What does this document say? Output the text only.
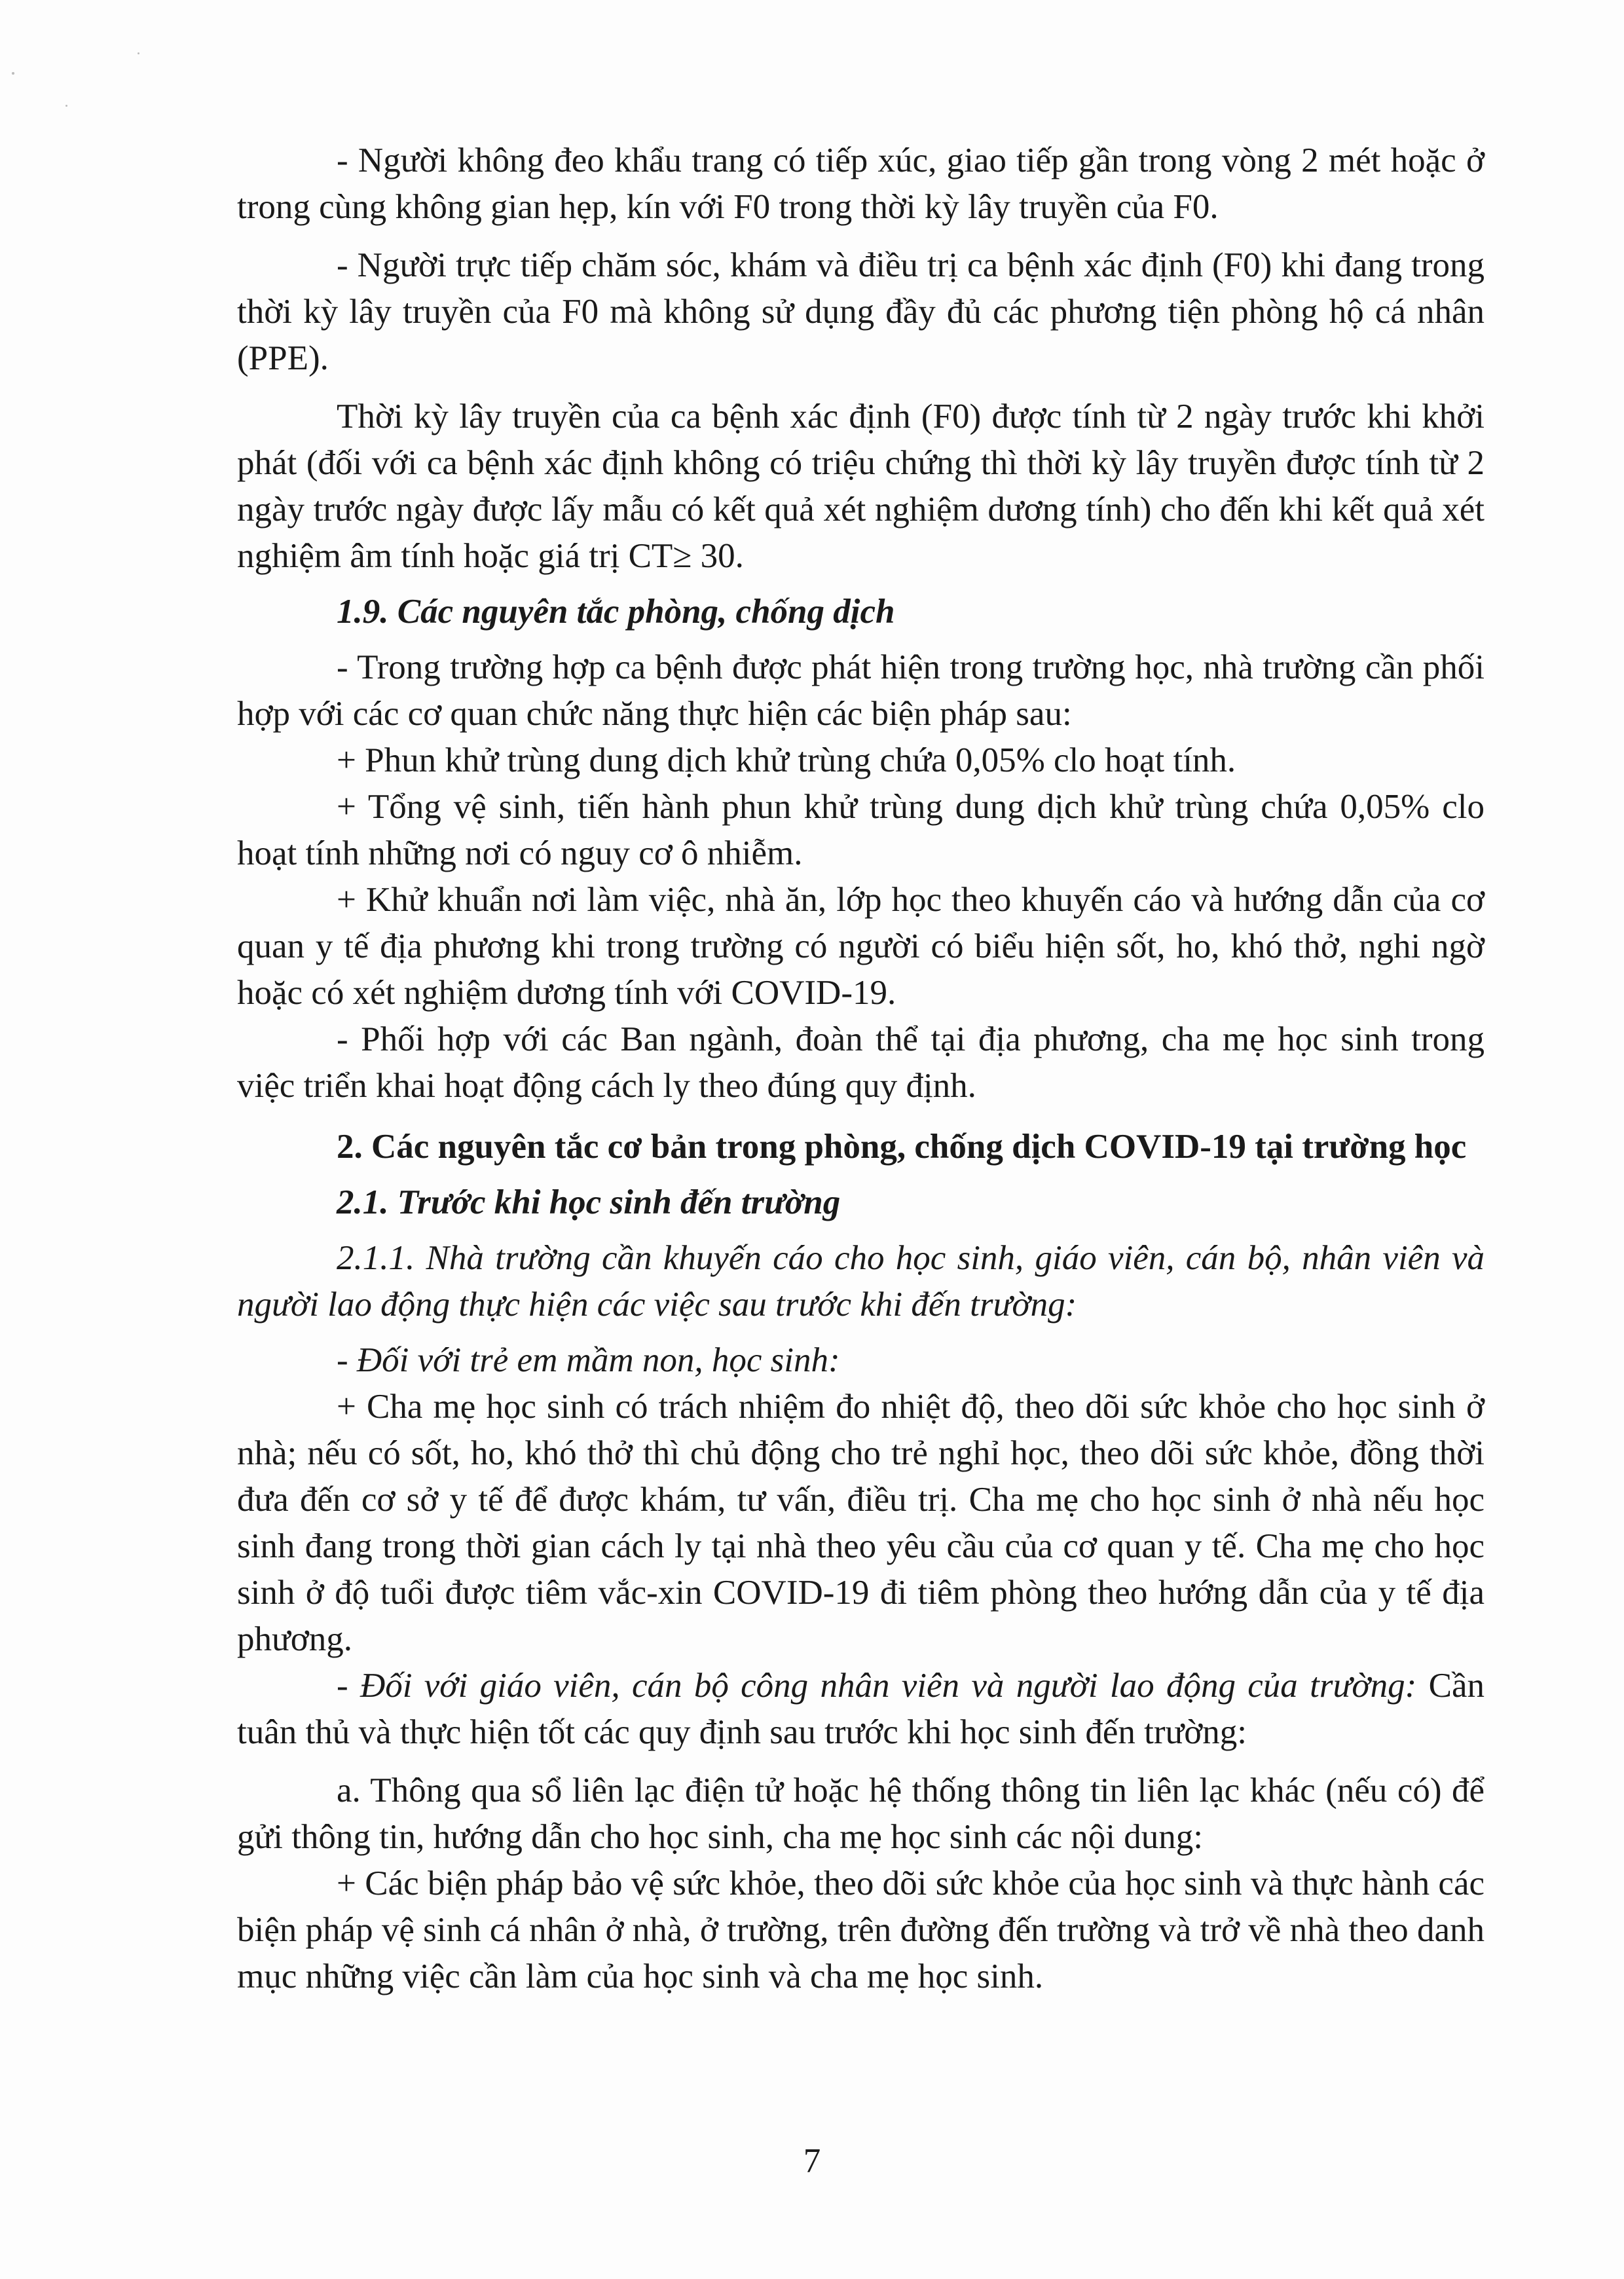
- Người không đeo khẩu trang có tiếp xúc, giao tiếp gần trong vòng 2 mét hoặc ở trong cùng không gian hẹp, kín với F0 trong thời kỳ lây truyền của F0.

- Người trực tiếp chăm sóc, khám và điều trị ca bệnh xác định (F0) khi đang trong thời kỳ lây truyền của F0 mà không sử dụng đầy đủ các phương tiện phòng hộ cá nhân (PPE).

Thời kỳ lây truyền của ca bệnh xác định (F0) được tính từ 2 ngày trước khi khởi phát (đối với ca bệnh xác định không có triệu chứng thì thời kỳ lây truyền được tính từ 2 ngày trước ngày được lấy mẫu có kết quả xét nghiệm dương tính) cho đến khi kết quả xét nghiệm âm tính hoặc giá trị CT≥ 30.

1.9. Các nguyên tắc phòng, chống dịch

- Trong trường hợp ca bệnh được phát hiện trong trường học, nhà trường cần phối hợp với các cơ quan chức năng thực hiện các biện pháp sau:

+ Phun khử trùng dung dịch khử trùng chứa 0,05% clo hoạt tính.

+ Tổng vệ sinh, tiến hành phun khử trùng dung dịch khử trùng chứa 0,05% clo hoạt tính những nơi có nguy cơ ô nhiễm.

+ Khử khuẩn nơi làm việc, nhà ăn, lớp học theo khuyến cáo và hướng dẫn của cơ quan y tế địa phương khi trong trường có người có biểu hiện sốt, ho, khó thở, nghi ngờ hoặc có xét nghiệm dương tính với COVID-19.

- Phối hợp với các Ban ngành, đoàn thể tại địa phương, cha mẹ học sinh trong việc triển khai hoạt động cách ly theo đúng quy định.

2. Các nguyên tắc cơ bản trong phòng, chống dịch COVID-19 tại trường học

2.1. Trước khi học sinh đến trường

2.1.1. Nhà trường cần khuyến cáo cho học sinh, giáo viên, cán bộ, nhân viên và người lao động thực hiện các việc sau trước khi đến trường:

- Đối với trẻ em mầm non, học sinh:

+ Cha mẹ học sinh có trách nhiệm đo nhiệt độ, theo dõi sức khỏe cho học sinh ở nhà; nếu có sốt, ho, khó thở thì chủ động cho trẻ nghỉ học, theo dõi sức khỏe, đồng thời đưa đến cơ sở y tế để được khám, tư vấn, điều trị. Cha mẹ cho học sinh ở nhà nếu học sinh đang trong thời gian cách ly tại nhà theo yêu cầu của cơ quan y tế. Cha mẹ cho học sinh ở độ tuổi được tiêm vắc-xin COVID-19 đi tiêm phòng theo hướng dẫn của y tế địa phương.

- Đối với giáo viên, cán bộ công nhân viên và người lao động của trường: Cần tuân thủ và thực hiện tốt các quy định sau trước khi học sinh đến trường:

a. Thông qua sổ liên lạc điện tử hoặc hệ thống thông tin liên lạc khác (nếu có) để gửi thông tin, hướng dẫn cho học sinh, cha mẹ học sinh các nội dung:

+ Các biện pháp bảo vệ sức khỏe, theo dõi sức khỏe của học sinh và thực hành các biện pháp vệ sinh cá nhân ở nhà, ở trường, trên đường đến trường và trở về nhà theo danh mục những việc cần làm của học sinh và cha mẹ học sinh.

7
